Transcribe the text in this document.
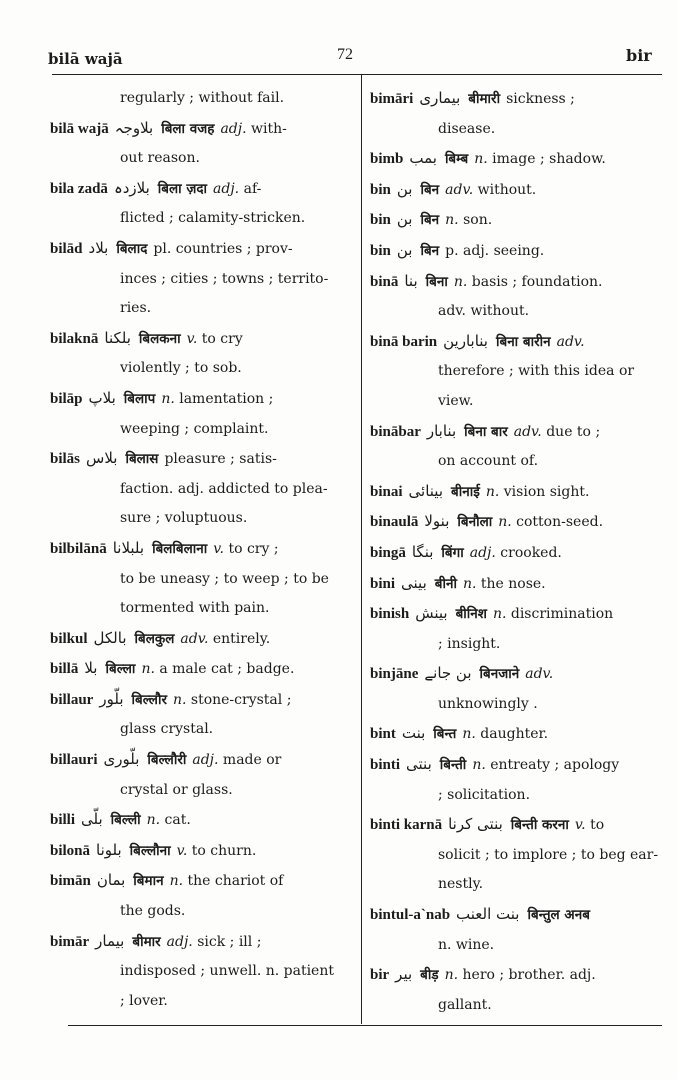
bilā wajā	72	bir
regularly ; without fail.
bilā wajā بلاوجہ बिला वजह adj. with-
out reason.
bila zadā بلازدہ बिला ज़दा adj. af-
flicted ; calamity-stricken.
bilād بلاد बिलाद pl. countries ; prov-
inces ; cities ; towns ; territo-
ries.
bilaknā بلکنا बिलकना v. to cry
violently ; to sob.
bilāp بلاپ बिलाप n. lamentation ;
weeping ; complaint.
bilās بلاس बिलास pleasure ; satis-
faction. adj. addicted to plea-
sure ; voluptuous.
bilbilānā بلبلانا बिलबिलाना v. to cry ;
to be uneasy ; to weep ; to be
tormented with pain.
bilkul بالکل बिलकुल adv. entirely.
billā بلا बिल्ला n. a male cat ; badge.
billaur بلّور बिल्लौर n. stone-crystal ;
glass crystal.
billauri بلّوری बिल्लौरी adj. made or
crystal or glass.
billi بلّی बिल्ली n. cat.
bilonā بلونا बिल्लौना v. to churn.
bimān بمان बिमान n. the chariot of
the gods.
bimār بیمار बीमार adj. sick ; ill ;
indisposed ; unwell. n. patient
; lover.
bimāri بیماری बीमारी sickness ;
disease.
bimb بمب बिम्ब n. image ; shadow.
bin بن बिन adv. without.
bin بن बिन n. son.
bin بن बिन p. adj. seeing.
binā بنا बिना n. basis ; foundation.
adv. without.
binā barin بنابارین बिना बारीन adv.
therefore ; with this idea or
view.
binābar بنابار बिना बार adv. due to ;
on account of.
binai بینائی बीनाई n. vision sight.
binaulā بنولا बिनौला n. cotton-seed.
bingā بنگا बिंगा adj. crooked.
bini بینی बीनी n. the nose.
binish بینش बीनिश n. discrimination
; insight.
binjāne بن جانے बिनजाने adv.
unknowingly .
bint بنت बिन्त n. daughter.
binti بنتی बिन्ती n. entreaty ; apology
; solicitation.
binti karnā بنتی کرنا बिन्ती करना v. to
solicit ; to implore ; to beg ear-
nestly.
bintul-a`nab بنت العنب बिन्तुल अनब
n. wine.
bir بیر बीड़ n. hero ; brother. adj.
gallant.
